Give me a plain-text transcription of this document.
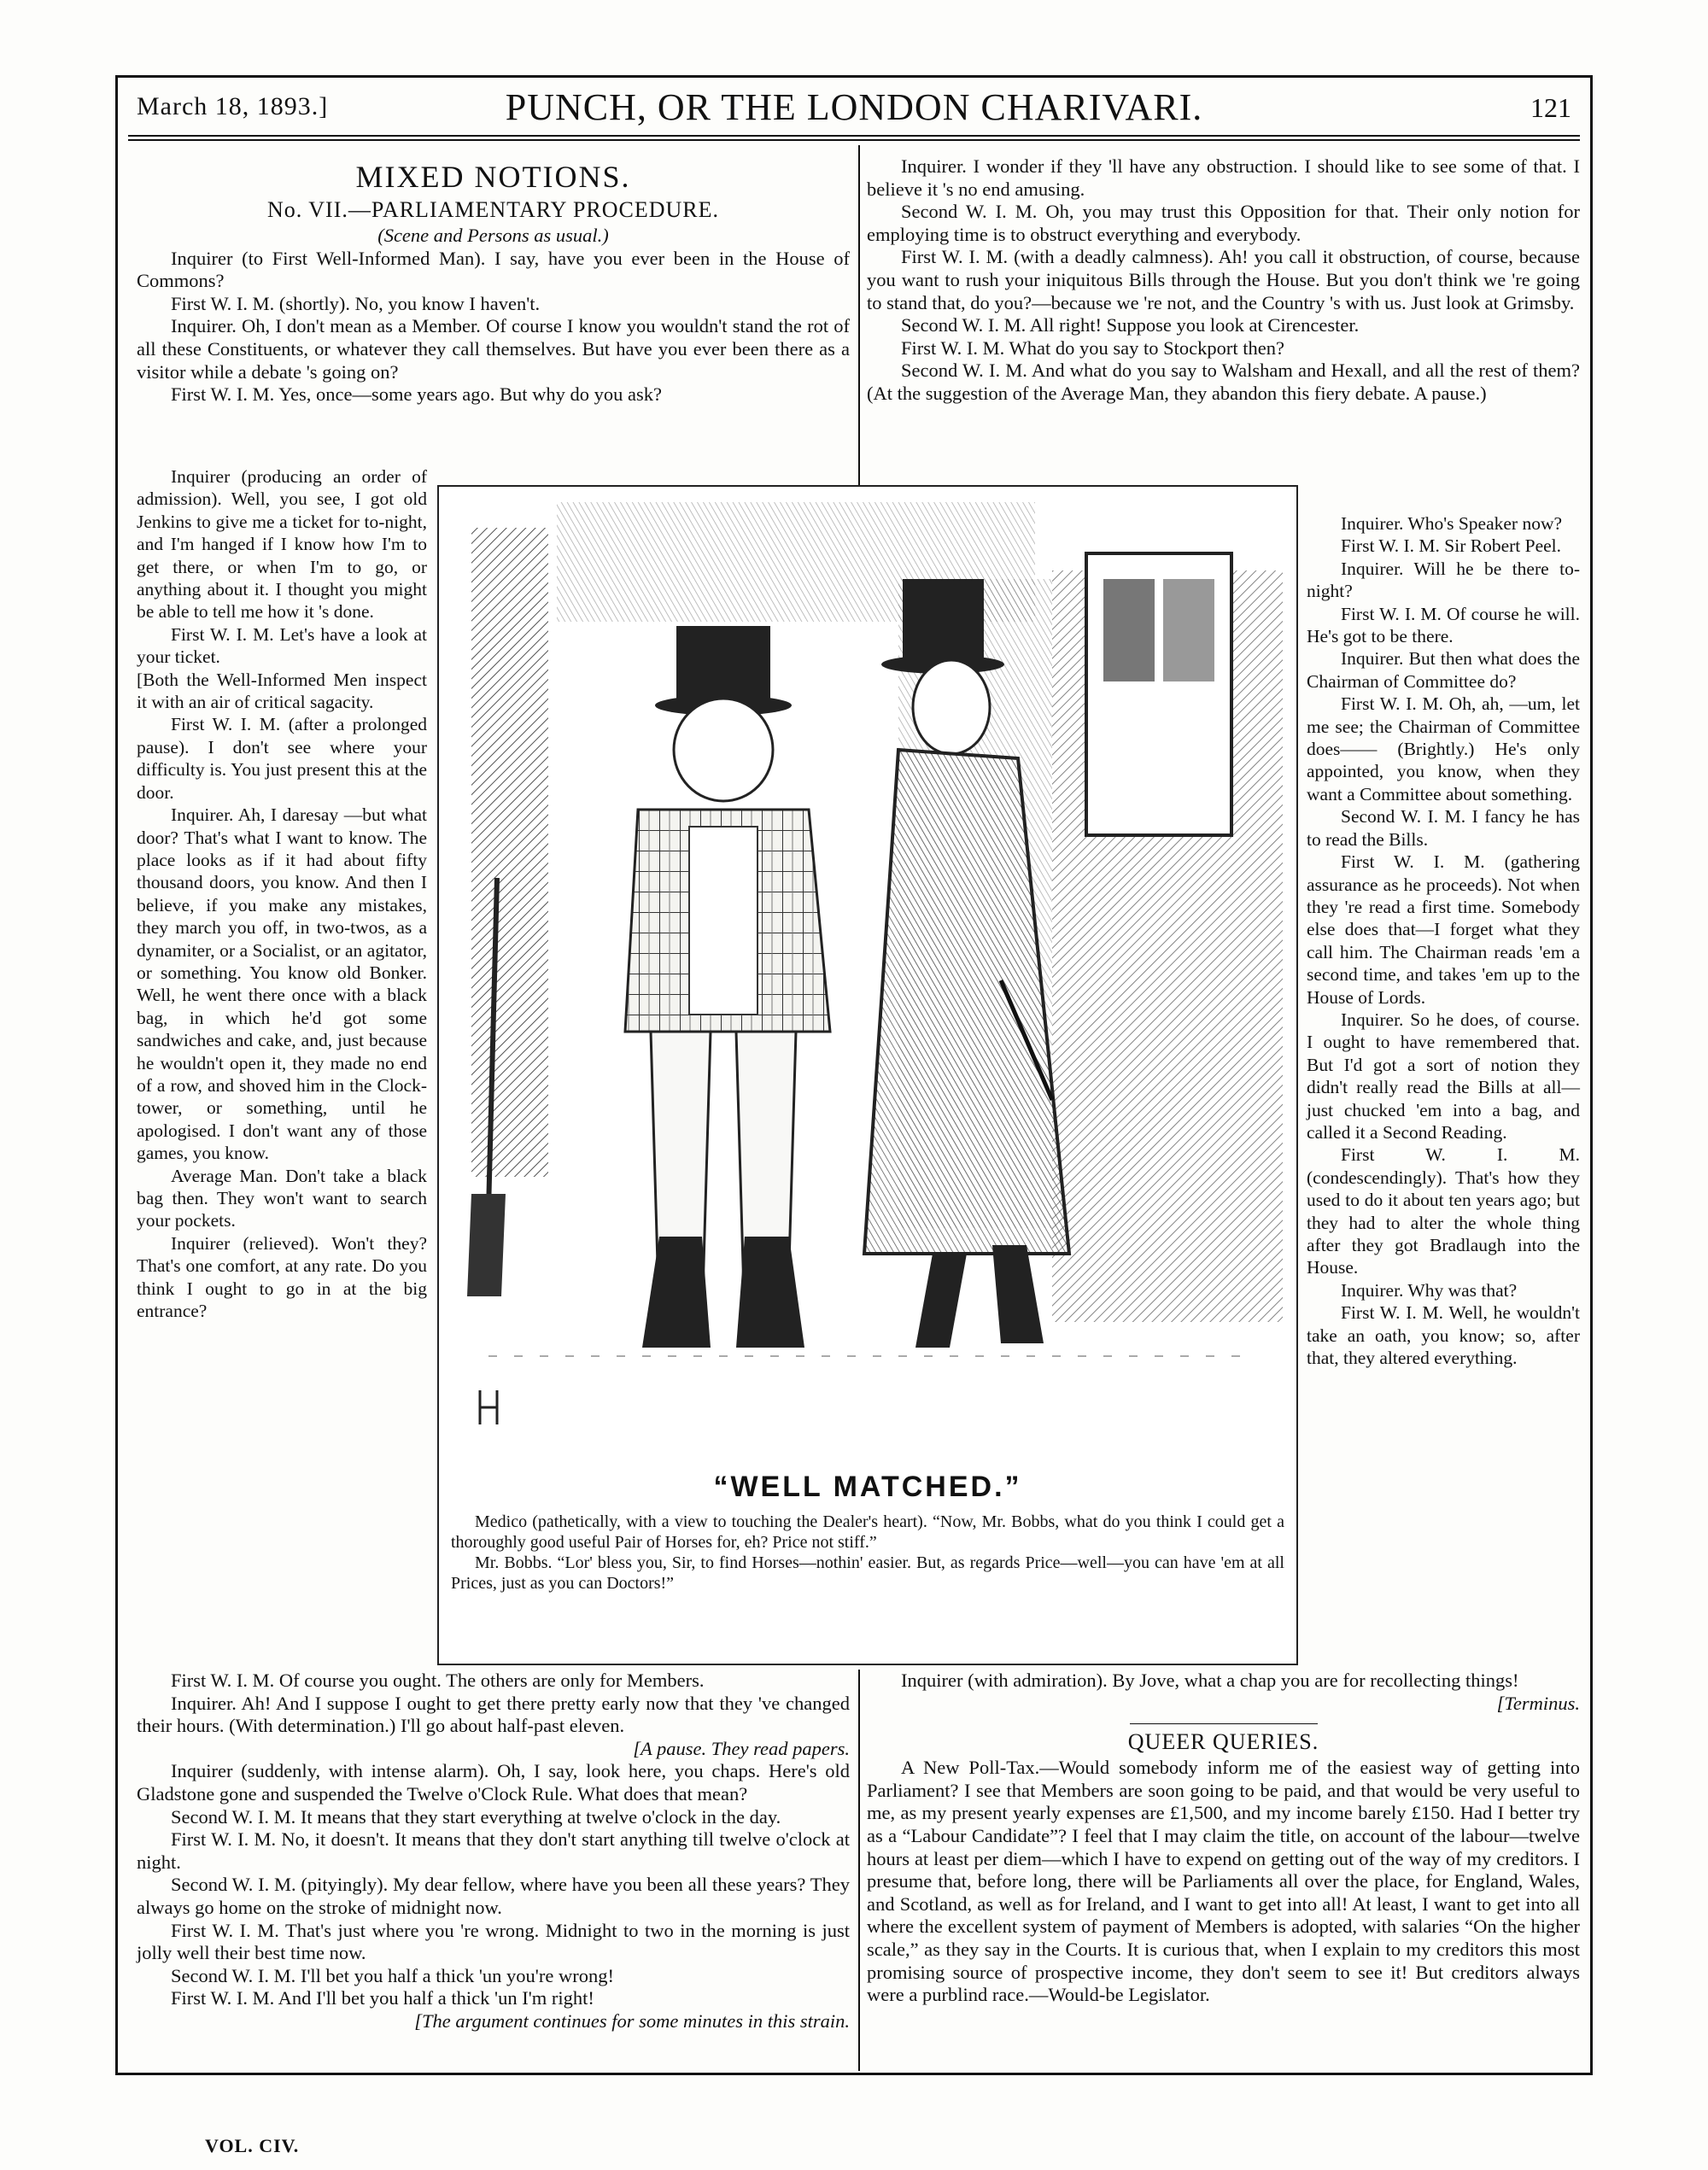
March 18, 1893.]	PUNCH, OR THE LONDON CHARIVARI.	121
MIXED NOTIONS.
No. VII.—PARLIAMENTARY PROCEDURE.

(Scene and Persons as usual.)

Inquirer (to First Well-Informed Man). I say, have you ever been in the House of Commons?

First W. I. M. (shortly). No, you know I haven't.

Inquirer. Oh, I don't mean as a Member. Of course I know you wouldn't stand the rot of all these Constituents, or whatever they call themselves. But have you ever been there as a visitor while a debate 's going on?

First W. I. M. Yes, once—some years ago. But why do you ask?

Inquirer (producing an order of admission). Well, you see, I got old Jenkins to give me a ticket for to-night, and I'm hanged if I know how I'm to get there, or when I'm to go, or anything about it. I thought you might be able to tell me how it 's done.

First W. I. M. Let's have a look at your ticket.

[Both the Well-Informed Men inspect it with an air of critical sagacity.

First W. I. M. (after a prolonged pause). I don't see where your difficulty is. You just present this at the door.

Inquirer. Ah, I daresay —but what door? That's what I want to know. The place looks as if it had about fifty thousand doors, you know. And then I believe, if you make any mistakes, they march you off, in two-twos, as a dynamiter, or a Socialist, or an agitator, or something. You know old Bonker. Well, he went there once with a black bag, in which he'd got some sandwiches and cake, and, just because he wouldn't open it, they made no end of a row, and shoved him in the Clock-tower, or something, until he apologised. I don't want any of those games, you know.

Average Man. Don't take a black bag then. They won't want to search your pockets.

Inquirer (relieved). Won't they? That's one comfort, at any rate. Do you think I ought to go in at the big entrance?

First W. I. M. Of course you ought. The others are only for Members.

Inquirer. Ah! And I suppose I ought to get there pretty early now that they 've changed their hours. (With determination.) I'll go about half-past eleven.

[A pause. They read papers.

Inquirer (suddenly, with intense alarm). Oh, I say, look here, you chaps. Here's old Gladstone gone and suspended the Twelve o'Clock Rule. What does that mean?

Second W. I. M. It means that they start everything at twelve o'clock in the day.

First W. I. M. No, it doesn't. It means that they don't start anything till twelve o'clock at night.

Second W. I. M. (pityingly). My dear fellow, where have you been all these years? They always go home on the stroke of midnight now.

First W. I. M. That's just where you 're wrong. Midnight to two in the morning is just jolly well their best time now.

Second W. I. M. I'll bet you half a thick 'un you're wrong!

First W. I. M. And I'll bet you half a thick 'un I'm right!

[The argument continues for some minutes in this strain.

Inquirer. I wonder if they 'll have any obstruction. I should like to see some of that. I believe it 's no end amusing.

Second W. I. M. Oh, you may trust this Opposition for that. Their only notion for employing time is to obstruct everything and everybody.

First W. I. M. (with a deadly calmness). Ah! you call it obstruction, of course, because you want to rush your iniquitous Bills through the House. But you don't think we 're going to stand that, do you?—because we 're not, and the Country 's with us. Just look at Grimsby.

Second W. I. M. All right! Suppose you look at Cirencester.

First W. I. M. What do you say to Stockport then?

Second W. I. M. And what do you say to Walsham and Hexall, and all the rest of them? (At the suggestion of the Average Man, they abandon this fiery debate. A pause.)

Inquirer. Who's Speaker now?

First W. I. M. Sir Robert Peel.

Inquirer. Will he be there to-night?

First W. I. M. Of course he will. He's got to be there.

Inquirer. But then what does the Chairman of Committee do?

First W. I. M. Oh, ah, —um, let me see; the Chairman of Committee does—— (Brightly.) He's only appointed, you know, when they want a Committee about something.

Second W. I. M. I fancy he has to read the Bills.

First W. I. M. (gathering assurance as he proceeds). Not when they 're read a first time. Somebody else does that—I forget what they call him. The Chairman reads 'em a second time, and takes 'em up to the House of Lords.

Inquirer. So he does, of course. I ought to have remembered that. But I'd got a sort of notion they didn't really read the Bills at all—just chucked 'em into a bag, and called it a Second Reading.

First W. I. M. (condescendingly). That's how they used to do it about ten years ago; but they had to alter the whole thing after they got Bradlaugh into the House.

Inquirer. Why was that?

First W. I. M. Well, he wouldn't take an oath, you know; so, after that, they altered everything.

Inquirer (with admiration). By Jove, what a chap you are for recollecting things!

[Terminus.

QUEER QUERIES.

A New Poll-Tax.—Would somebody inform me of the easiest way of getting into Parliament? I see that Members are soon going to be paid, and that would be very useful to me, as my present yearly expenses are £1,500, and my income barely £150. Had I better try as a “Labour Candidate”? I feel that I may claim the title, on account of the labour—twelve hours at least per diem—which I have to expend on getting out of the way of my creditors. I presume that, before long, there will be Parliaments all over the place, for England, Wales, and Scotland, as well as for Ireland, and I want to get into all! At least, I want to get into all where the excellent system of payment of Members is adopted, with salaries “On the higher scale,” as they say in the Courts. It is curious that, when I explain to my creditors this most promising source of prospective income, they don't seem to see it! But creditors always were a purblind race.—Would-be Legislator.

“WELL MATCHED.”

Medico (pathetically, with a view to touching the Dealer's heart). “Now, Mr. Bobbs, what do you think I could get a thoroughly good useful Pair of Horses for, eh? Price not stiff.”

Mr. Bobbs. “Lor' bless you, Sir, to find Horses—nothin' easier. But, as regards Price—well—you can have 'em at all Prices, just as you can Doctors!”

VOL. CIV.
